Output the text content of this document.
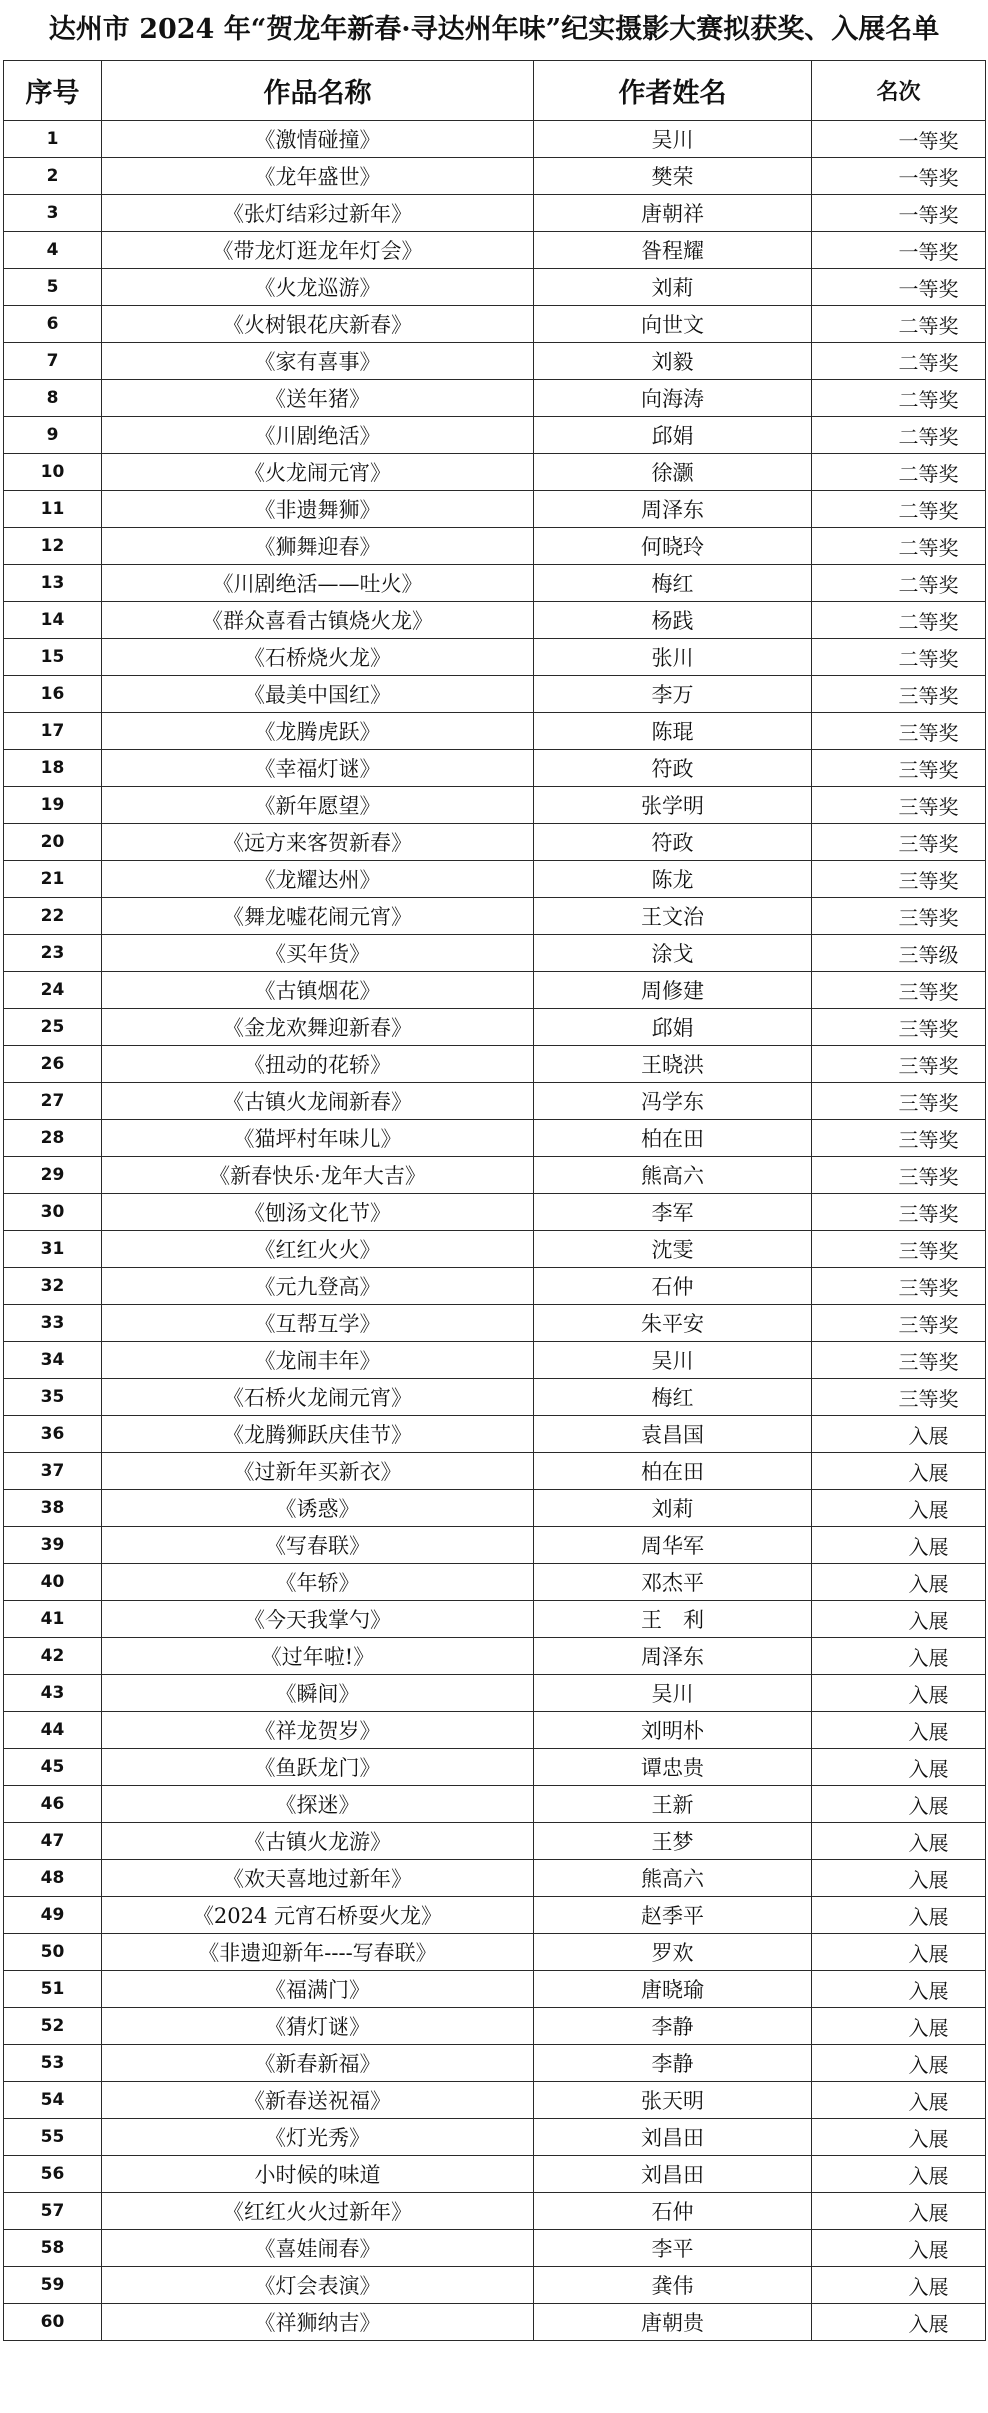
达州市 2024 年“贺龙年新春·寻达州年味”纪实摄影大赛拟获奖、入展名单
序号	作品名称	作者姓名	名次
1	《激情碰撞》	吴川	一等奖
2	《龙年盛世》	樊荣	一等奖
3	《张灯结彩过新年》	唐朝祥	一等奖
4	《带龙灯逛龙年灯会》	昝程耀	一等奖
5	《火龙巡游》	刘莉	一等奖
6	《火树银花庆新春》	向世文	二等奖
7	《家有喜事》	刘毅	二等奖
8	《送年猪》	向海涛	二等奖
9	《川剧绝活》	邱娟	二等奖
10	《火龙闹元宵》	徐灏	二等奖
11	《非遗舞狮》	周泽东	二等奖
12	《狮舞迎春》	何晓玲	二等奖
13	《川剧绝活——吐火》	梅红	二等奖
14	《群众喜看古镇烧火龙》	杨践	二等奖
15	《石桥烧火龙》	张川	二等奖
16	《最美中国红》	李万	三等奖
17	《龙腾虎跃》	陈琨	三等奖
18	《幸福灯谜》	符政	三等奖
19	《新年愿望》	张学明	三等奖
20	《远方来客贺新春》	符政	三等奖
21	《龙耀达州》	陈龙	三等奖
22	《舞龙嘘花闹元宵》	王文治	三等奖
23	《买年货》	涂戈	三等级
24	《古镇烟花》	周修建	三等奖
25	《金龙欢舞迎新春》	邱娟	三等奖
26	《扭动的花轿》	王晓洪	三等奖
27	《古镇火龙闹新春》	冯学东	三等奖
28	《猫坪村年味儿》	柏在田	三等奖
29	《新春快乐·龙年大吉》	熊高六	三等奖
30	《刨汤文化节》	李军	三等奖
31	《红红火火》	沈雯	三等奖
32	《元九登高》	石仲	三等奖
33	《互帮互学》	朱平安	三等奖
34	《龙闹丰年》	吴川	三等奖
35	《石桥火龙闹元宵》	梅红	三等奖
36	《龙腾狮跃庆佳节》	袁昌国	入展
37	《过新年买新衣》	柏在田	入展
38	《诱惑》	刘莉	入展
39	《写春联》	周华军	入展
40	《年轿》	邓杰平	入展
41	《今天我掌勺》	王　利	入展
42	《过年啦!》	周泽东	入展
43	《瞬间》	吴川	入展
44	《祥龙贺岁》	刘明朴	入展
45	《鱼跃龙门》	谭忠贵	入展
46	《探迷》	王新	入展
47	《古镇火龙游》	王梦	入展
48	《欢天喜地过新年》	熊高六	入展
49	《2024 元宵石桥耍火龙》	赵季平	入展
50	《非遗迎新年----写春联》	罗欢	入展
51	《福满门》	唐晓瑜	入展
52	《猜灯谜》	李静	入展
53	《新春新福》	李静	入展
54	《新春送祝福》	张天明	入展
55	《灯光秀》	刘昌田	入展
56	小时候的味道	刘昌田	入展
57	《红红火火过新年》	石仲	入展
58	《喜娃闹春》	李平	入展
59	《灯会表演》	龚伟	入展
60	《祥狮纳吉》	唐朝贵	入展
